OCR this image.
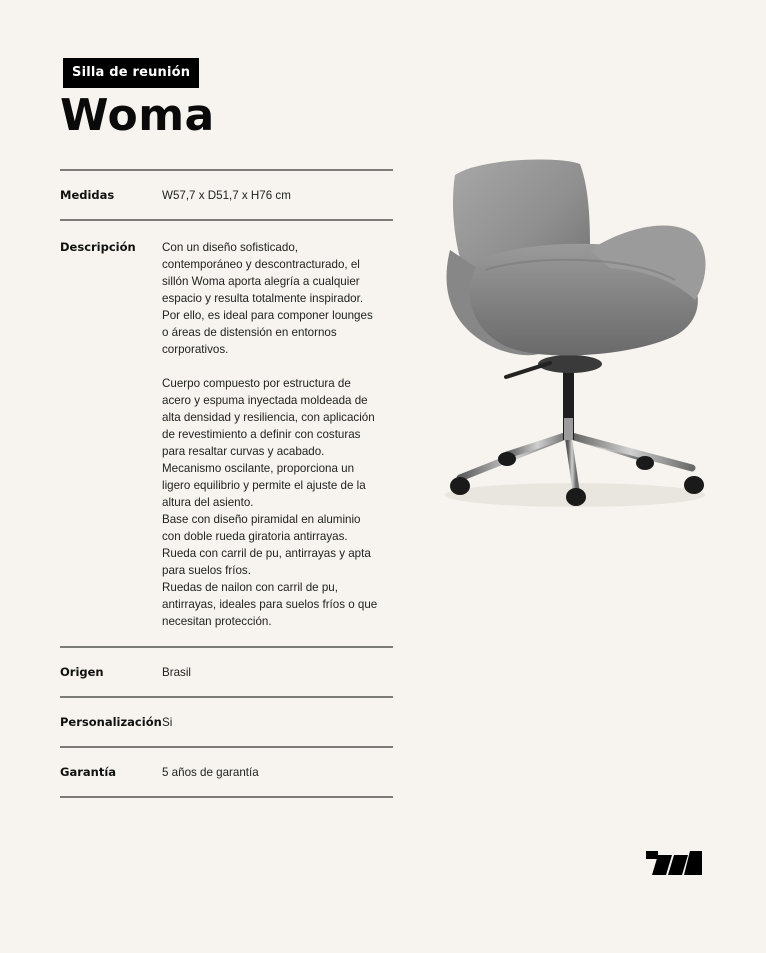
Silla de reunión
Woma
Medidas	W57,7 x D51,7 x H76 cm
Descripción	Con un diseño sofisticado,
contemporáneo y descontracturado, el
sillón Woma aporta alegría a cualquier
espacio y resulta totalmente inspirador.
Por ello, es ideal para componer lounges
o áreas de distensión en entornos
corporativos.

Cuerpo compuesto por estructura de
acero y espuma inyectada moldeada de
alta densidad y resiliencia, con aplicación
de revestimiento a definir con costuras
para resaltar curvas y acabado.
Mecanismo oscilante, proporciona un
ligero equilibrio y permite el ajuste de la
altura del asiento.
Base con diseño piramidal en aluminio
con doble rueda giratoria antirrayas.
Rueda con carril de pu, antirrayas y apta
para suelos fríos.
Ruedas de nailon con carril de pu,
antirrayas, ideales para suelos fríos o que
necesitan protección.

Origen	Brasil
Personalización Si
Garantía	5 años de garantía
